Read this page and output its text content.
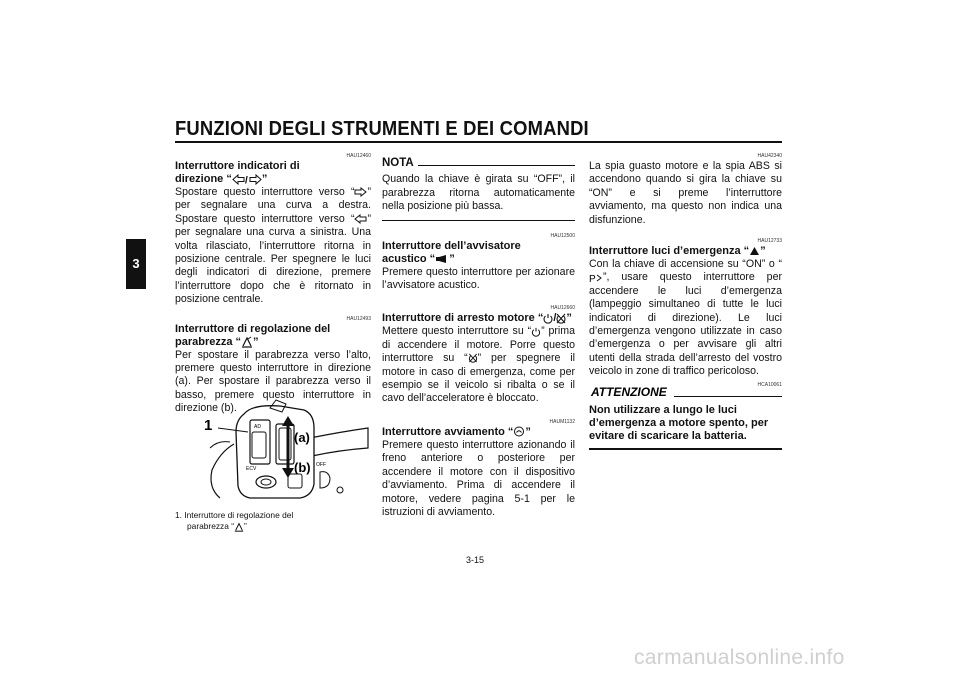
FUNZIONI DEGLI STRUMENTI E DEI COMANDI
3
HAU12460
Interruttore indicatori di
direzione “ / ”
Spostare questo interruttore verso “ ” per segnalare una curva a destra. Spostare questo interruttore verso “ ” per segnalare una curva a sinistra. Una volta rilasciato, l’interruttore ritorna in posizione centrale. Per spegnere le luci degli indicatori di direzione, premere l’interruttore dopo che è ritornato in posizione centrale.
HAU12493
Interruttore di regolazione del
parabrezza “ ”
Per spostare il parabrezza verso l’alto, premere questo interruttore in direzione (a). Per spostare il parabrezza verso il basso, premere questo interruttore in direzione (b).
1
(a)
(b)
AD
ECV
OFF
1. Interruttore di regolazione del
parabrezza “ ”
NOTA
Quando la chiave è girata su “OFF”, il parabrezza ritorna automaticamente nella posizione più bassa.
HAU12500
Interruttore dell’avvisatore
acustico “ ”
Premere questo interruttore per azionare l’avvisatore acustico.
HAU12660
Interruttore di arresto motore “ / ”
Mettere questo interruttore su “ ” prima di accendere il motore. Porre questo interruttore su “ ” per spegnere il motore in caso di emergenza, come per esempio se il veicolo si ribalta o se il cavo dell’acceleratore è bloccato.
HAUM1132
Interruttore avviamento “ ”
Premere questo interruttore azionando il freno anteriore o posteriore per accendere il motore con il dispositivo d’avviamento. Prima di accendere il motore, vedere pagina 5-1 per le istruzioni di avviamento.
HAU42340
La spia guasto motore e la spia ABS si accendono quando si gira la chiave su “ON” e si preme l’interruttore avviamento, ma questo non indica una disfunzione.
HAU12733
Interruttore luci d’emergenza “ ”
Con la chiave di accensione su “ON” o “
P ”, usare questo interruttore per accendere le luci d’emergenza (lampeggio simultaneo di tutte le luci indicatori di direzione). Le luci d’emergenza vengono utilizzate in caso d’emergenza o per avvisare gli altri utenti della strada dell’arresto del vostro veicolo in zone di traffico pericoloso.
ATTENZIONE	HCA10061
Non utilizzare a lungo le luci d’emergenza a motore spento, per evitare di scaricare la batteria.
3-15
carmanualsonline.info
